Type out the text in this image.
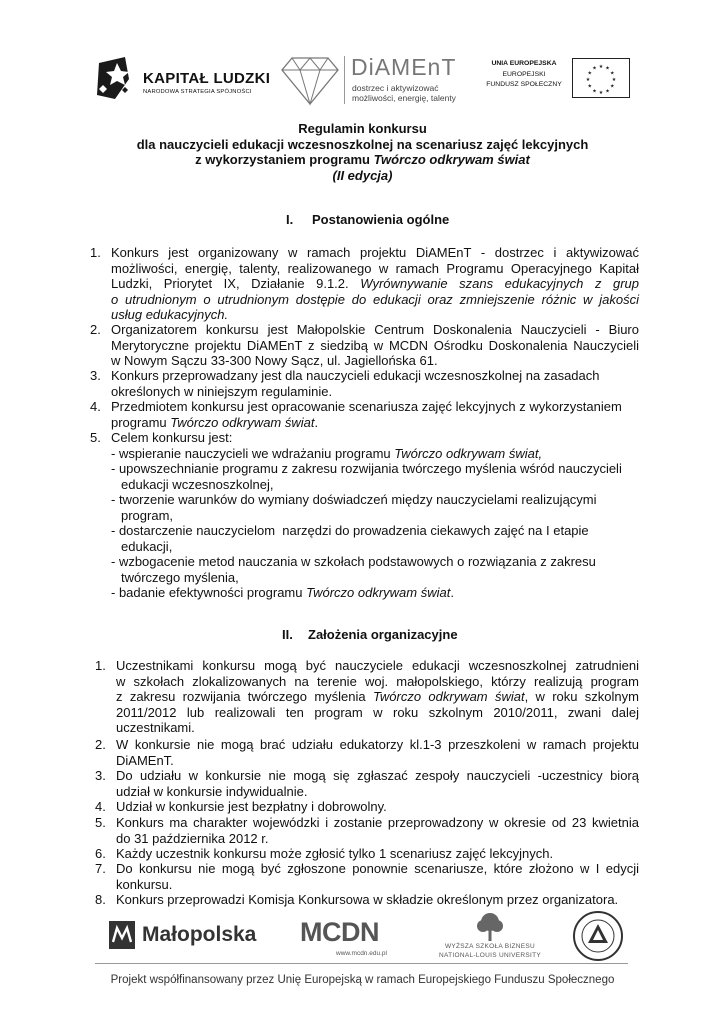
KAPITAŁ LUDZKI
NARODOWA STRATEGIA SPÓJNOŚCI
DiAMEnT
dostrzec i aktywizować
możliwości, energię, talenty
UNIA EUROPEJSKA
EUROPEJSKI
FUNDUSZ SPOŁECZNY
★ ★
★
★
★
★
★
★
★
★
★
★
Regulamin konkursu
dla nauczycieli edukacji wczesnoszkolnej na scenariusz zajęć lekcyjnych
z wykorzystaniem programu Twórczo odkrywam świat
(II edycja)
I. Postanowienia ogólne
1. Konkurs jest organizowany w ramach projektu DiAMEnT - dostrzec i aktywizować
możliwości, energię, talenty, realizowanego w ramach Programu Operacyjnego Kapitał
Ludzki, Priorytet IX, Działanie 9.1.2. Wyrównywanie szans edukacyjnych z grup
o utrudnionym o utrudnionym dostępie do edukacji oraz zmniejszenie różnic w jakości
usług edukacyjnych.
2. Organizatorem konkursu jest Małopolskie Centrum Doskonalenia Nauczycieli - Biuro
Merytoryczne projektu DiAMEnT z siedzibą w MCDN Ośrodku Doskonalenia Nauczycieli
w Nowym Sączu 33-300 Nowy Sącz, ul. Jagiellońska 61.
3. Konkurs przeprowadzany jest dla nauczycieli edukacji wczesnoszkolnej na zasadach
określonych w niniejszym regulaminie.
4. Przedmiotem konkursu jest opracowanie scenariusza zajęć lekcyjnych z wykorzystaniem
programu Twórczo odkrywam świat.
5. Celem konkursu jest:
- wspieranie nauczycieli we wdrażaniu programu Twórczo odkrywam świat,
- upowszechnianie programu z zakresu rozwijania twórczego myślenia wśród nauczycieli
edukacji wczesnoszkolnej,
- tworzenie warunków do wymiany doświadczeń między nauczycielami realizującymi
program,
- dostarczenie nauczycielom  narzędzi do prowadzenia ciekawych zajęć na I etapie
edukacji,
- wzbogacenie metod nauczania w szkołach podstawowych o rozwiązania z zakresu
twórczego myślenia,
- badanie efektywności programu Twórczo odkrywam świat.
II. Założenia organizacyjne
1. Uczestnikami konkursu mogą być nauczyciele edukacji wczesnoszkolnej zatrudnieni
w szkołach zlokalizowanych na terenie woj. małopolskiego, którzy realizują program
z zakresu rozwijania twórczego myślenia Twórczo odkrywam świat, w roku szkolnym
2011/2012 lub realizowali ten program w roku szkolnym 2010/2011, zwani dalej
uczestnikami.
2. W konkursie nie mogą brać udziału edukatorzy kl.1-3 przeszkoleni w ramach projektu
DiAMEnT.
3. Do udziału w konkursie nie mogą się zgłaszać zespoły nauczycieli -uczestnicy biorą
udział w konkursie indywidualnie.
4. Udział w konkursie jest bezpłatny i dobrowolny.
5. Konkurs ma charakter wojewódzki i zostanie przeprowadzony w okresie od 23 kwietnia
do 31 października 2012 r.
6. Każdy uczestnik konkursu może zgłosić tylko 1 scenariusz zajęć lekcyjnych.
7. Do konkursu nie mogą być zgłoszone ponownie scenariusze, które złożono w I edycji
konkursu.
8. Konkurs przeprowadzi Komisja Konkursowa w składzie określonym przez organizatora.
Małopolska MCDN
www.mcdn.edu.pl
WYŻSZA SZKOŁA BIZNESU
NATIONAL-LOUIS UNIVERSITY
Projekt współfinansowany przez Unię Europejską w ramach Europejskiego Funduszu Społecznego
